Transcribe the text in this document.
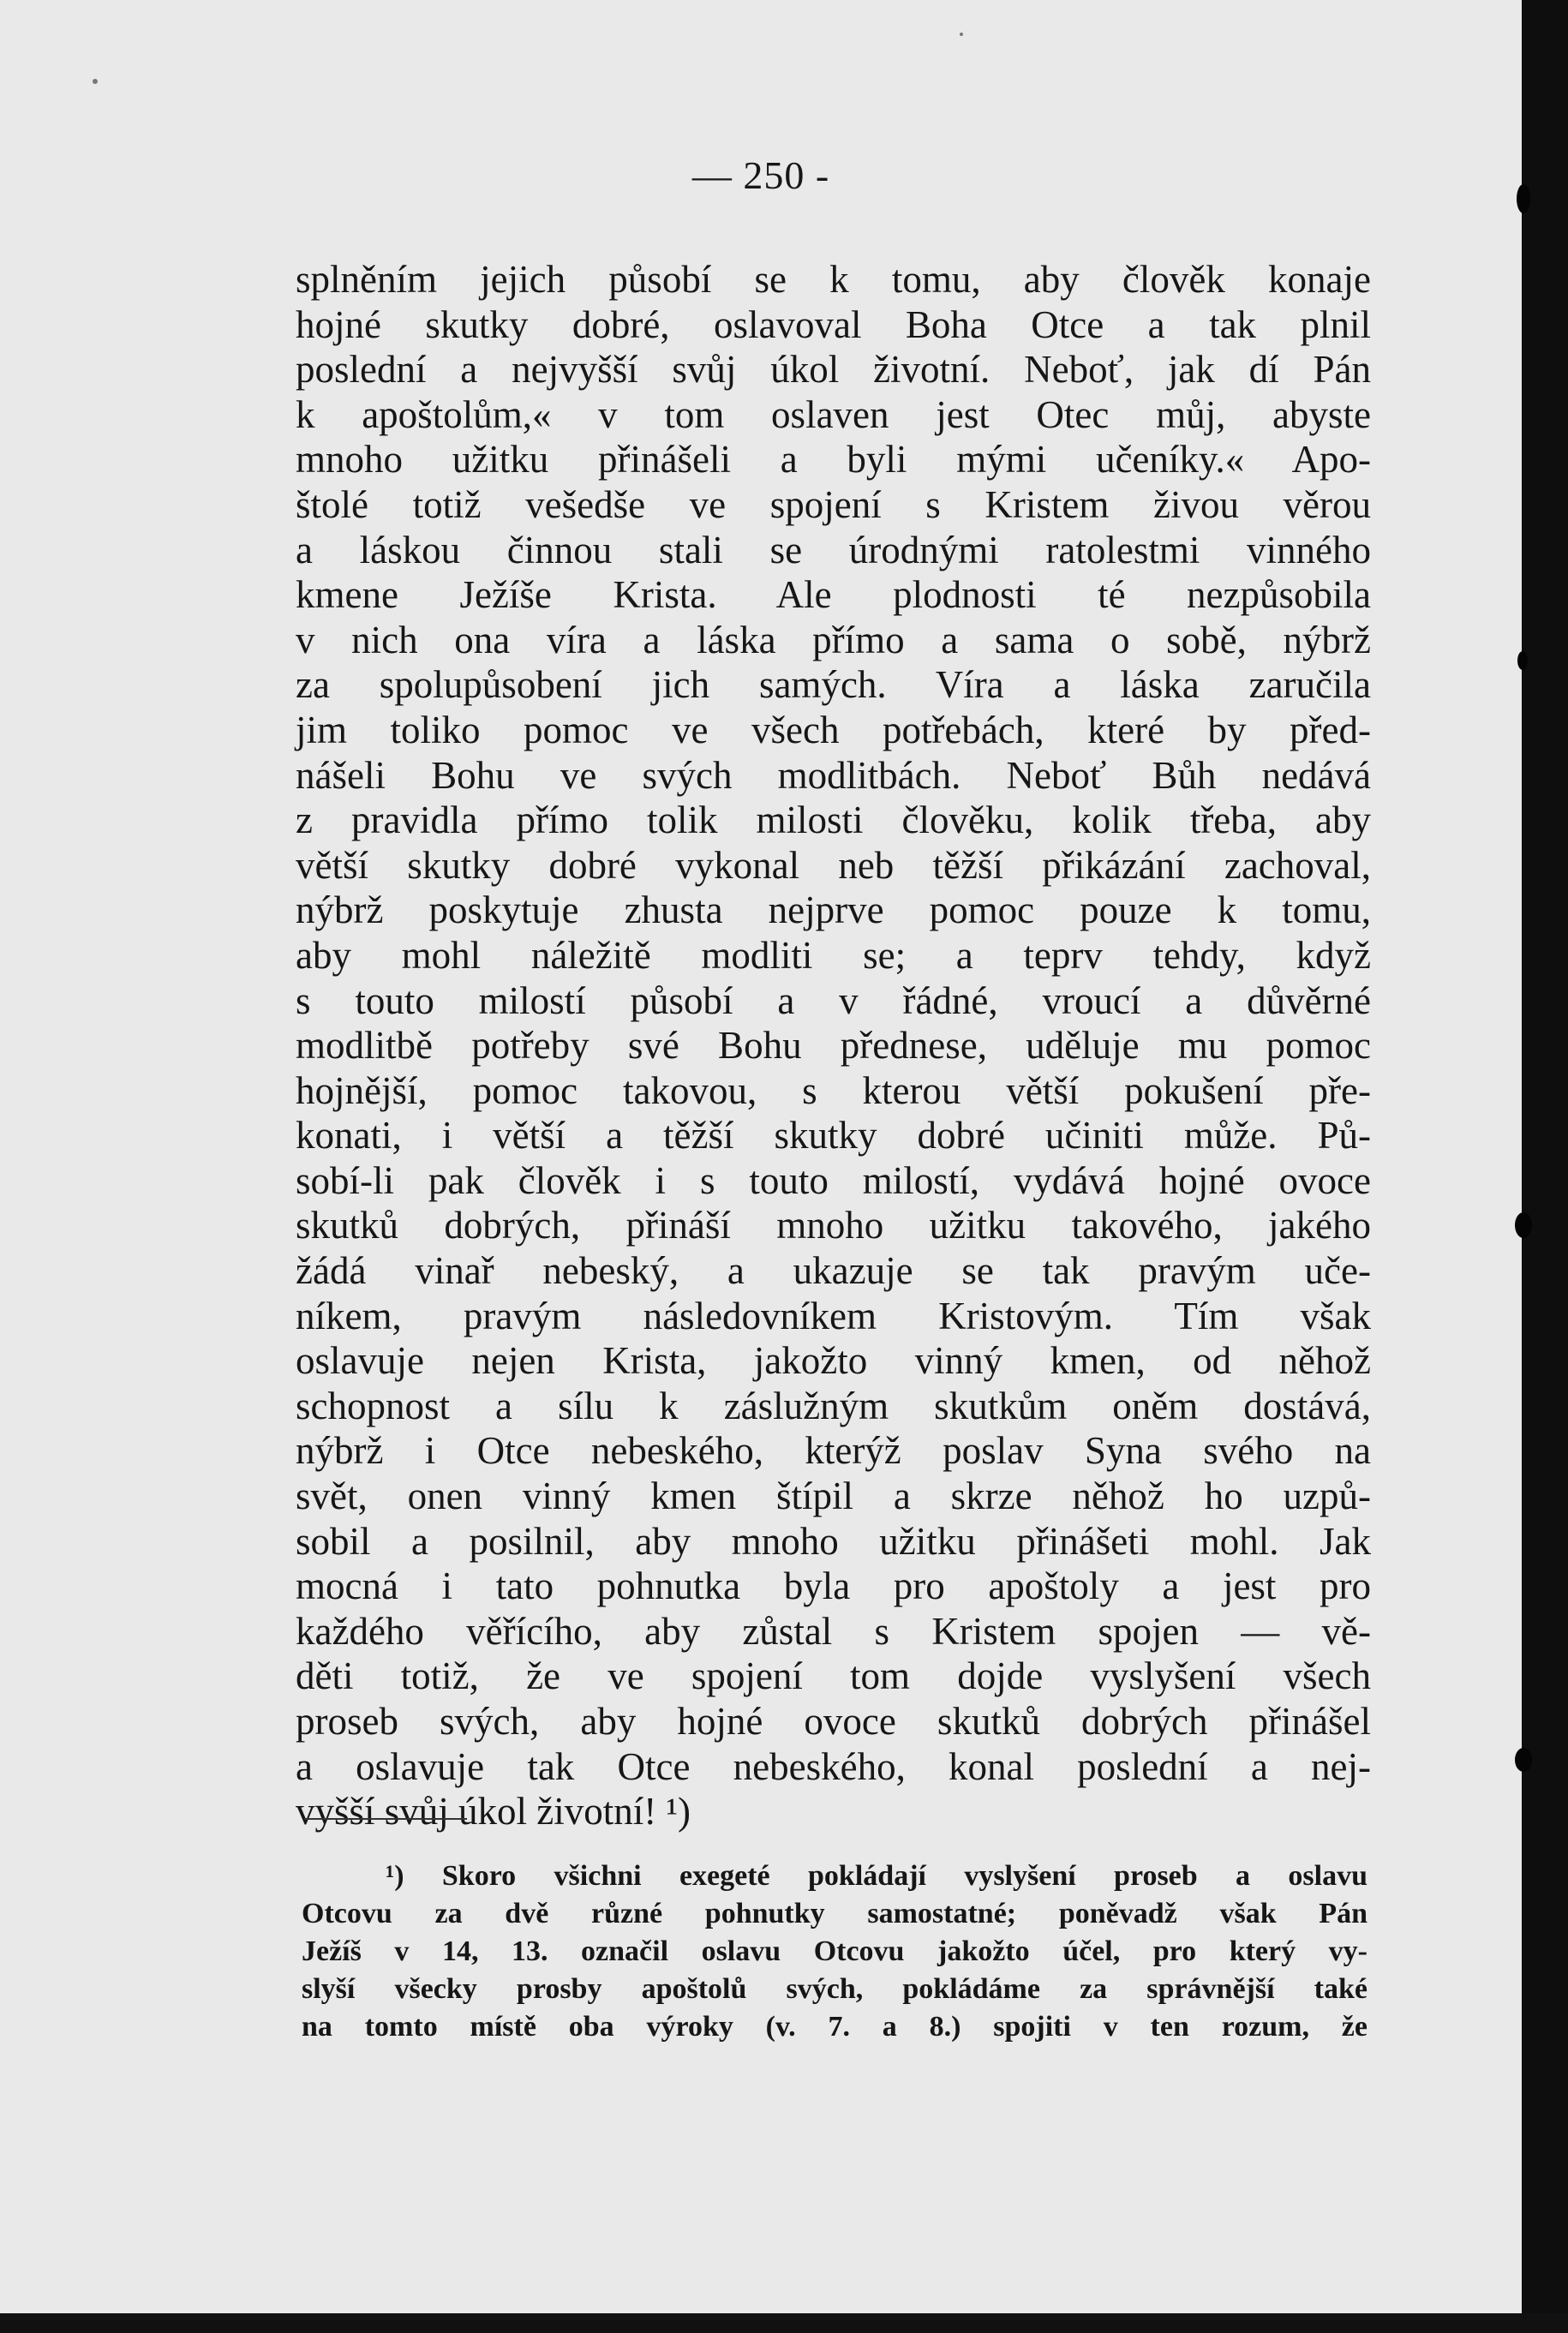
— 250 -
splněním jejich působí se k tomu, aby člověk konaje
hojné skutky dobré, oslavoval Boha Otce a tak plnil
poslední a nejvyšší svůj úkol životní. Neboť, jak dí Pán
k apoštolům,« v tom oslaven jest Otec můj, abyste
mnoho užitku přinášeli a byli mými učeníky.« Apo-
štolé totiž vešedše ve spojení s Kristem živou věrou
a láskou činnou stali se úrodnými ratolestmi vinného
kmene Ježíše Krista. Ale plodnosti té nezpůsobila
v nich ona víra a láska přímo a sama o sobě, nýbrž
za spolupůsobení jich samých. Víra a láska zaručila
jim toliko pomoc ve všech potřebách, které by před-
nášeli Bohu ve svých modlitbách. Neboť Bůh nedává
z pravidla přímo tolik milosti člověku, kolik třeba, aby
větší skutky dobré vykonal neb těžší přikázání zachoval,
nýbrž poskytuje zhusta nejprve pomoc pouze k tomu,
aby mohl náležitě modliti se; a teprv tehdy, když
s touto milostí působí a v řádné, vroucí a důvěrné
modlitbě potřeby své Bohu přednese, uděluje mu pomoc
hojnější, pomoc takovou, s kterou větší pokušení pře-
konati, i větší a těžší skutky dobré učiniti může. Pů-
sobí-li pak člověk i s touto milostí, vydává hojné ovoce
skutků dobrých, přináší mnoho užitku takového, jakého
žádá vinař nebeský, a ukazuje se tak pravým uče-
níkem, pravým následovníkem Kristovým. Tím však
oslavuje nejen Krista, jakožto vinný kmen, od něhož
schopnost a sílu k záslužným skutkům oněm dostává,
nýbrž i Otce nebeského, kterýž poslav Syna svého na
svět, onen vinný kmen štípil a skrze něhož ho uzpů-
sobil a posilnil, aby mnoho užitku přinášeti mohl. Jak
mocná i tato pohnutka byla pro apoštoly a jest pro
každého věřícího, aby zůstal s Kristem spojen — vě-
děti totiž, že ve spojení tom dojde vyslyšení všech
proseb svých, aby hojné ovoce skutků dobrých přinášel
a oslavuje tak Otce nebeského, konal poslední a nej-
vyšší svůj úkol životní! ¹)
¹) Skoro všichni exegeté pokládají vyslyšení proseb a oslavu
Otcovu za dvě různé pohnutky samostatné; poněvadž však Pán
Ježíš v 14, 13. označil oslavu Otcovu jakožto účel, pro který vy-
slyší všecky prosby apoštolů svých, pokládáme za správnější také
na tomto místě oba výroky (v. 7. a 8.) spojiti v ten rozum, že
